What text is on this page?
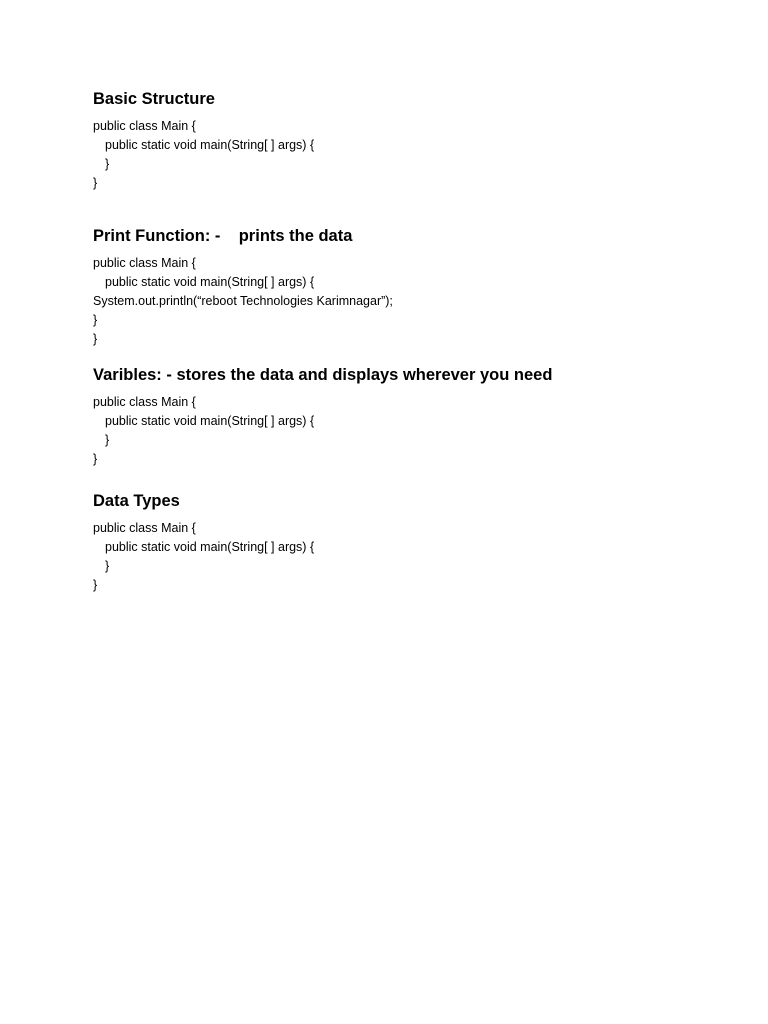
Basic Structure
public class Main {
public static void main(String[ ] args) {
}
}
Print Function: -    prints the data
public class Main {
public static void main(String[ ] args) {
System.out.println(“reboot Technologies Karimnagar”);
}
}
Varibles: - stores the data and displays wherever you need
public class Main {
public static void main(String[ ] args) {
}
}
Data Types
public class Main {
public static void main(String[ ] args) {
}
}
